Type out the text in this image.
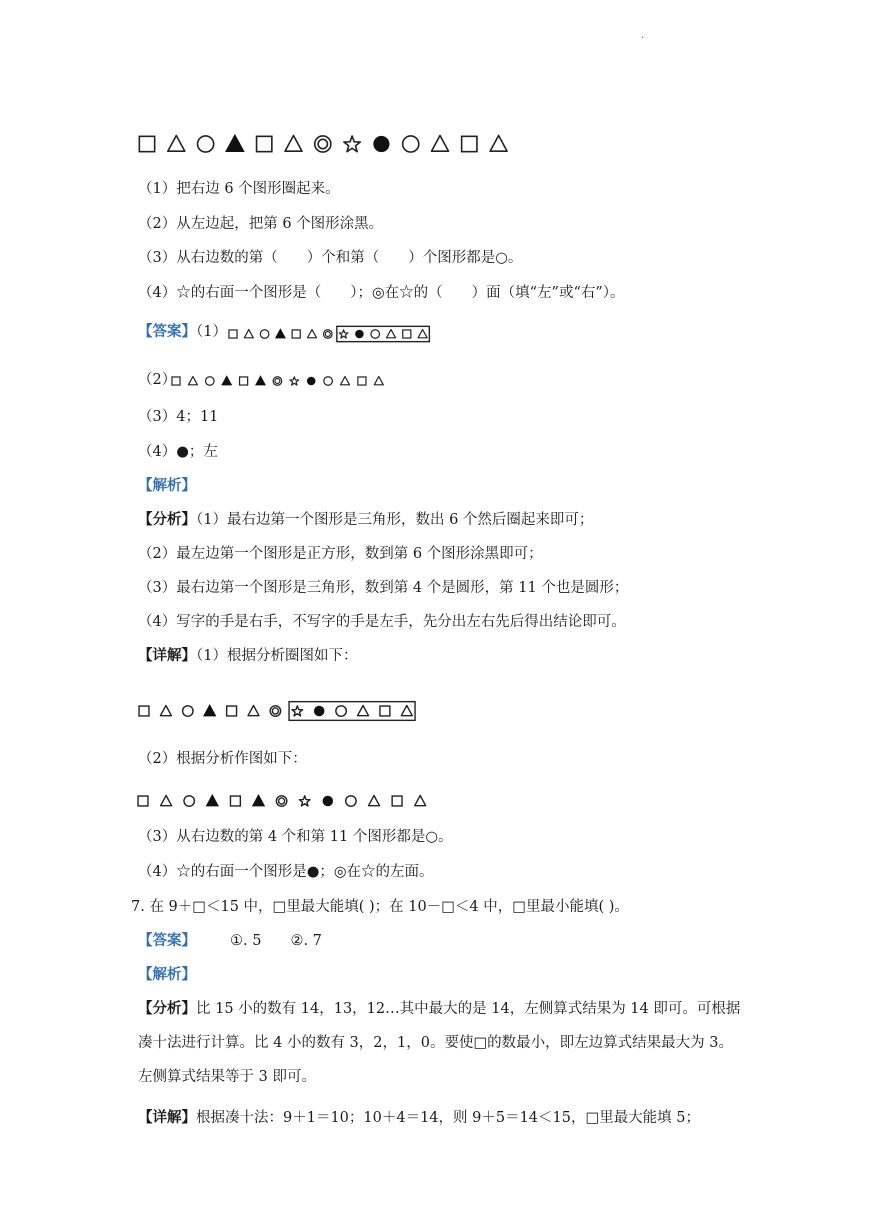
.
（1）把右边 6 个图形圈起来。
（2）从左边起，把第 6 个图形涂黑。
（3）从右边数的第（　　）个和第（　　）个图形都是○。
（4）☆的右面一个图形是（　　）；◎在☆的（　　）面（填“左”或“右”）。
【答案】（1）
（2）
（3）4；11
（4）●；左
【解析】
【分析】（1）最右边第一个图形是三角形，数出 6 个然后圈起来即可；
（2）最左边第一个图形是正方形，数到第 6 个图形涂黑即可；
（3）最右边第一个图形是三角形，数到第 4 个是圆形，第 11 个也是圆形；
（4）写字的手是右手，不写字的手是左手，先分出左右先后得出结论即可。
【详解】（1）根据分析圈图如下：
（2）根据分析作图如下：
（3）从右边数的第 4 个和第 11 个图形都是○。
（4）☆的右面一个图形是●；◎在☆的左面。
7. 在 9＋□＜15 中，□里最大能填( )；在 10－□＜4 中，□里最小能填( )。
【答案】 ①. 5　　②. 7
【解析】
【分析】比 15 小的数有 14，13，12…其中最大的是 14，左侧算式结果为 14 即可。可根据
凑十法进行计算。比 4 小的数有 3，2，1，0。要使□的数最小，即左边算式结果最大为 3。
左侧算式结果等于 3 即可。
【详解】根据凑十法：9＋1＝10；10＋4＝14，则 9＋5＝14＜15，□里最大能填 5；
